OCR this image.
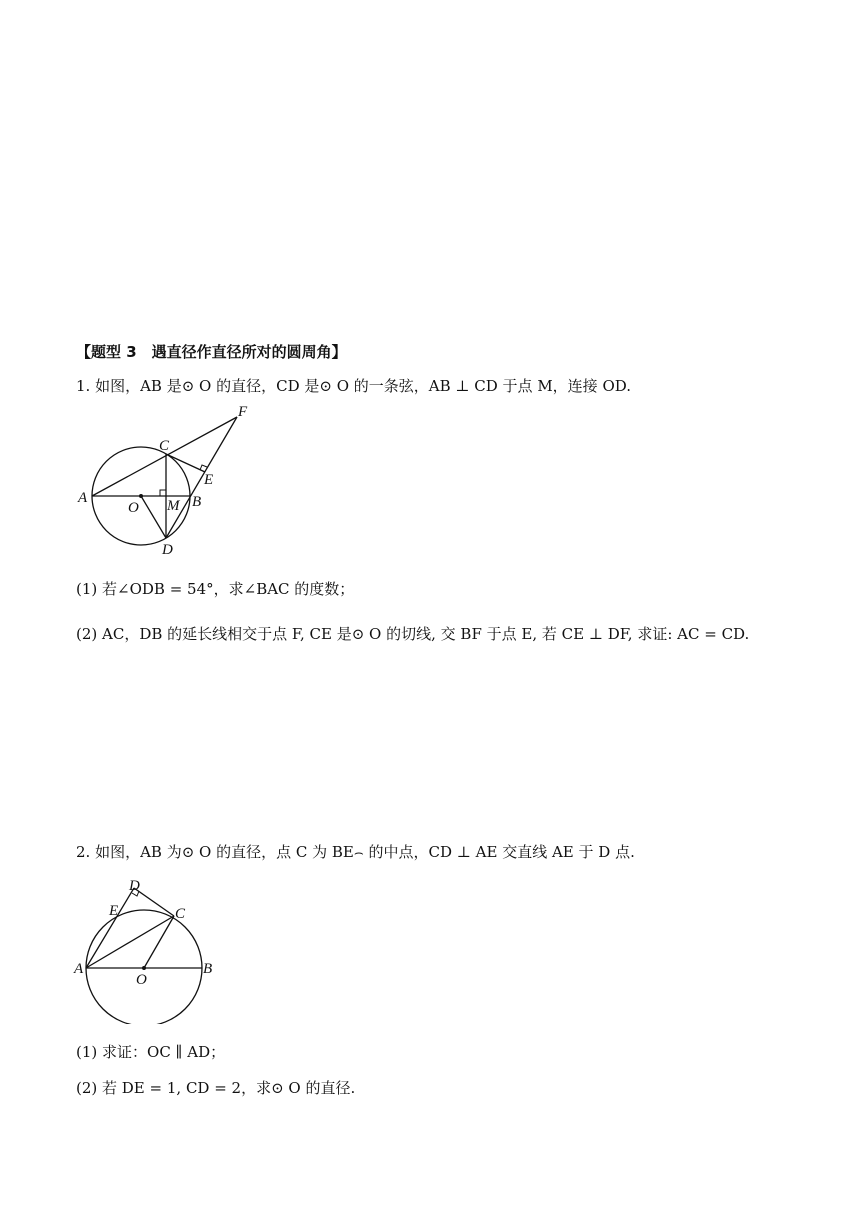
【题型 3　遇直径作直径所对的圆周角】
1. 如图，AB 是⊙ O 的直径，CD 是⊙ O 的一条弦，AB ⊥ CD 于点 M，连接 OD.
A	B
C
D
E
F
O M
(1) 若∠ODB = 54°，求∠BAC 的度数；
(2) AC，DB 的延长线相交于点 F, CE 是⊙ O 的切线, 交 BF 于点 E, 若 CE ⊥ DF, 求证: AC = CD.
2. 如图，AB 为⊙ O 的直径，点 C 为 BE⌢ 的中点，CD ⊥ AE 交直线 AE 于 D 点.
D
E	C
A	B
O
(1) 求证：OC ∥ AD；
(2) 若 DE = 1, CD = 2，求⊙ O 的直径.
